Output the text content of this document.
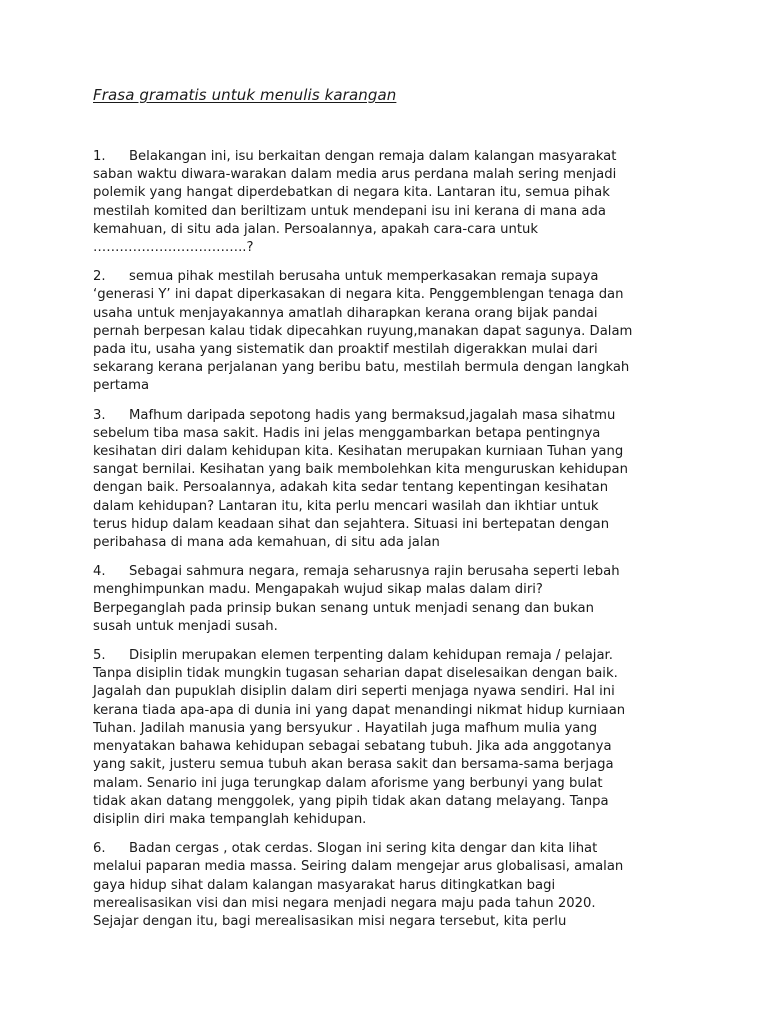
Frasa gramatis untuk menulis karangan
1. Belakangan ini, isu berkaitan dengan remaja dalam kalangan masyarakat
saban waktu diwara-warakan dalam media arus perdana malah sering menjadi
polemik yang hangat diperdebatkan di negara kita. Lantaran itu, semua pihak
mestilah komited dan beriltizam untuk mendepani isu ini kerana di mana ada
kemahuan, di situ ada jalan. Persoalannya, apakah cara-cara untuk
……………………………..?
2. semua pihak mestilah berusaha untuk memperkasakan remaja supaya
‘generasi Y’ ini dapat diperkasakan di negara kita. Penggemblengan tenaga dan
usaha untuk menjayakannya amatlah diharapkan kerana orang bijak pandai
pernah berpesan kalau tidak dipecahkan ruyung,manakan dapat sagunya. Dalam
pada itu, usaha yang sistematik dan proaktif mestilah digerakkan mulai dari
sekarang kerana perjalanan yang beribu batu, mestilah bermula dengan langkah
pertama
3. Mafhum daripada sepotong hadis yang bermaksud,jagalah masa sihatmu
sebelum tiba masa sakit. Hadis ini jelas menggambarkan betapa pentingnya
kesihatan diri dalam kehidupan kita. Kesihatan merupakan kurniaan Tuhan yang
sangat bernilai. Kesihatan yang baik membolehkan kita menguruskan kehidupan
dengan baik. Persoalannya, adakah kita sedar tentang kepentingan kesihatan
dalam kehidupan? Lantaran itu, kita perlu mencari wasilah dan ikhtiar untuk
terus hidup dalam keadaan sihat dan sejahtera. Situasi ini bertepatan dengan
peribahasa di mana ada kemahuan, di situ ada jalan
4. Sebagai sahmura negara, remaja seharusnya rajin berusaha seperti lebah
menghimpunkan madu. Mengapakah wujud sikap malas dalam diri?
Berpeganglah pada prinsip bukan senang untuk menjadi senang dan bukan
susah untuk menjadi susah.
5. Disiplin merupakan elemen terpenting dalam kehidupan remaja / pelajar.
Tanpa disiplin tidak mungkin tugasan seharian dapat diselesaikan dengan baik.
Jagalah dan pupuklah disiplin dalam diri seperti menjaga nyawa sendiri. Hal ini
kerana tiada apa-apa di dunia ini yang dapat menandingi nikmat hidup kurniaan
Tuhan. Jadilah manusia yang bersyukur . Hayatilah juga mafhum mulia yang
menyatakan bahawa kehidupan sebagai sebatang tubuh. Jika ada anggotanya
yang sakit, justeru semua tubuh akan berasa sakit dan bersama-sama berjaga
malam. Senario ini juga terungkap dalam aforisme yang berbunyi yang bulat
tidak akan datang menggolek, yang pipih tidak akan datang melayang. Tanpa
disiplin diri maka tempanglah kehidupan.
6. Badan cergas , otak cerdas. Slogan ini sering kita dengar dan kita lihat
melalui paparan media massa. Seiring dalam mengejar arus globalisasi, amalan
gaya hidup sihat dalam kalangan masyarakat harus ditingkatkan bagi
merealisasikan visi dan misi negara menjadi negara maju pada tahun 2020.
Sejajar dengan itu, bagi merealisasikan misi negara tersebut, kita perlu
